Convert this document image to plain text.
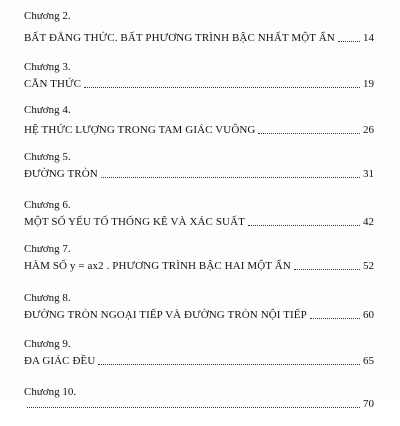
Chương 2.
BẤT ĐẲNG THỨC. BẤT PHƯƠNG TRÌNH BẬC NHẤT MỘT ẨN	14
Chương 3.
CĂN THỨC	19
Chương 4.
HỆ THỨC LƯỢNG TRONG TAM GIÁC VUÔNG	26
Chương 5.
ĐƯỜNG TRÒN	31
Chương 6.
MỘT SỐ YẾU TỐ THỐNG KÊ VÀ XÁC SUẤT	42
Chương 7.
HÀM SỐ y = ax2 . PHƯƠNG TRÌNH BẬC HAI MỘT ẨN	52
Chương 8.
ĐƯỜNG TRÒN NGOẠI TIẾP VÀ ĐƯỜNG TRÒN NỘI TIẾP	60
Chương 9.
ĐA GIÁC ĐỀU	65
Chương 10.
70
